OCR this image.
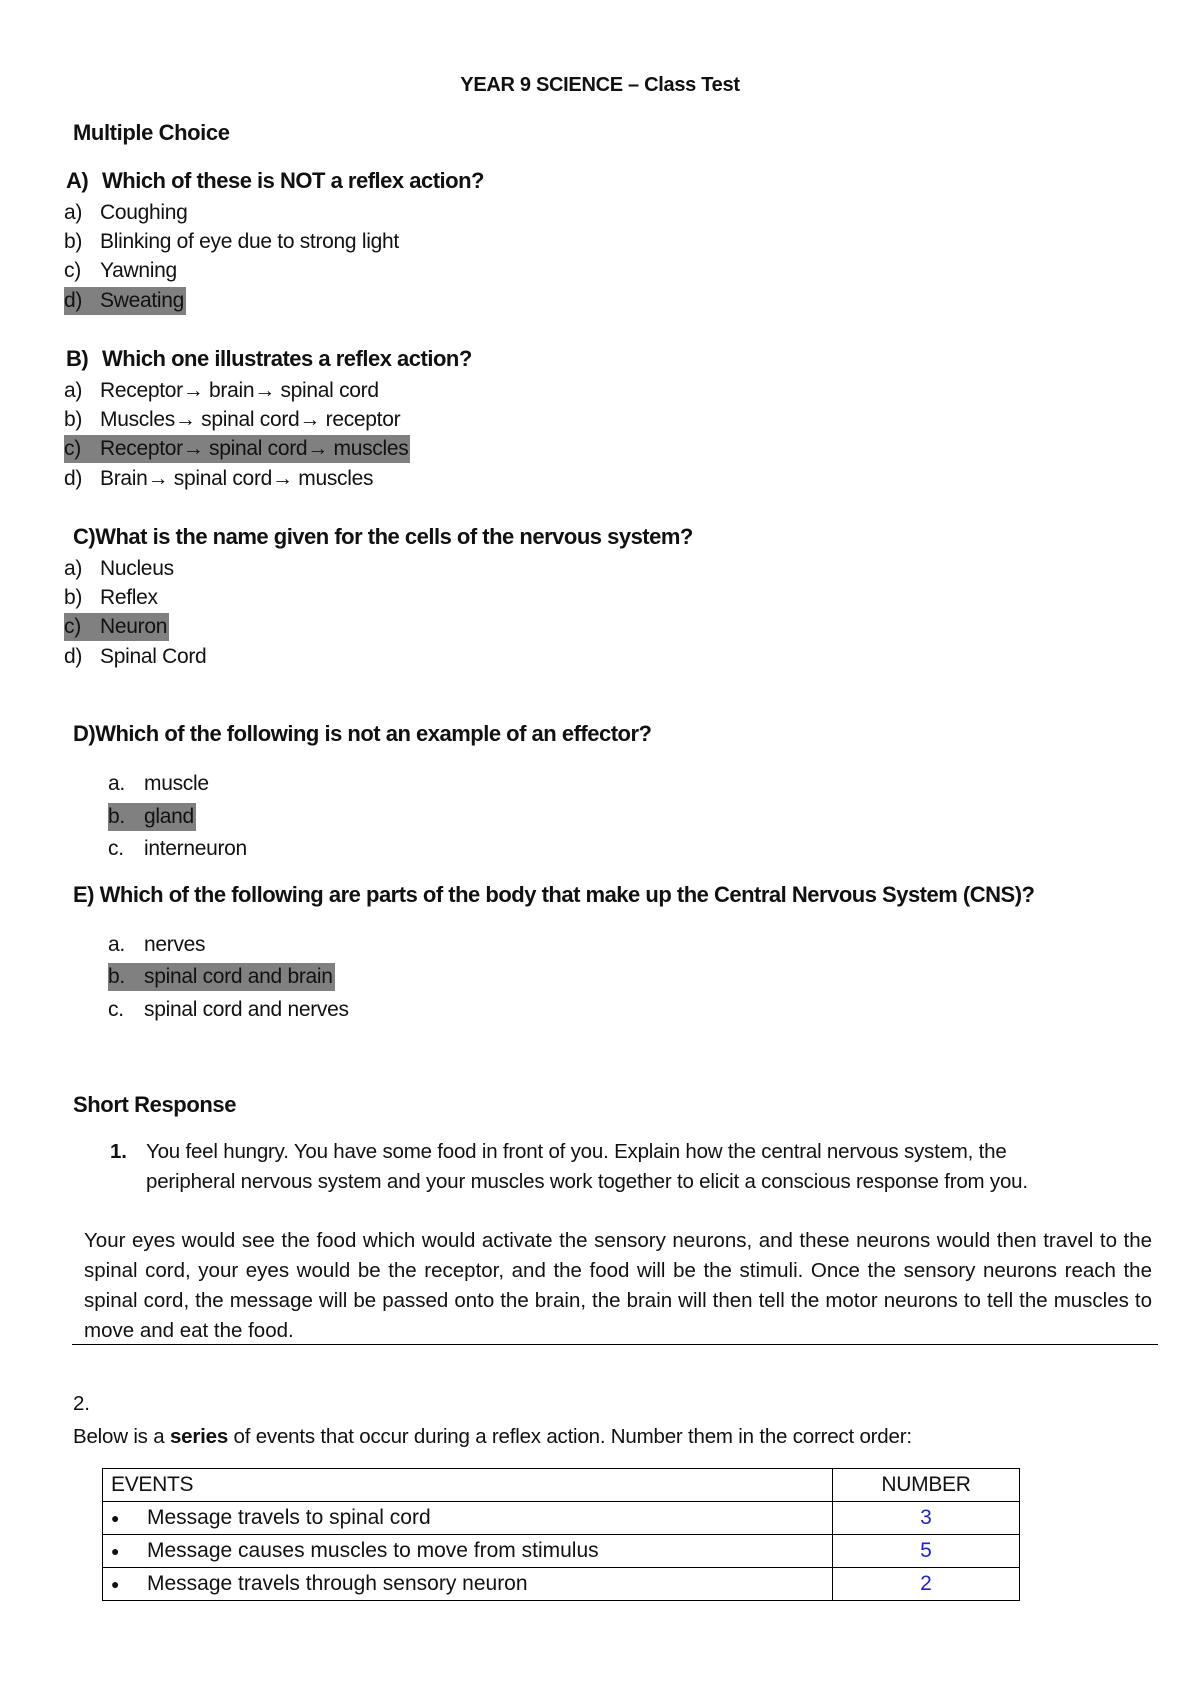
YEAR 9 SCIENCE – Class Test
Multiple Choice
A) Which of these is NOT a reflex action?
a) Coughing
b) Blinking of eye due to strong light
c) Yawning
d) Sweating
B) Which one illustrates a reflex action?
a) Receptor→ brain→ spinal cord
b) Muscles→ spinal cord→ receptor
c) Receptor→ spinal cord→ muscles
d) Brain→ spinal cord→ muscles
C)What is the name given for the cells of the nervous system?
a) Nucleus
b) Reflex
c) Neuron
d) Spinal Cord
D)Which of the following is not an example of an effector?
a. muscle
b. gland
c. interneuron
E) Which of the following are parts of the body that make up the Central Nervous System (CNS)?
a. nerves
b. spinal cord and brain
c. spinal cord and nerves
Short Response
1. You feel hungry. You have some food in front of you. Explain how the central nervous system, the
peripheral nervous system and your muscles work together to elicit a conscious response from you.
Your eyes would see the food which would activate the sensory neurons, and these neurons would then travel to the spinal cord, your eyes would be the receptor, and the food will be the stimuli. Once the sensory neurons reach the spinal cord, the message will be passed onto the brain, the brain will then tell the motor neurons to tell the muscles to move and eat the food.
2.
Below is a series of events that occur during a reflex action. Number them in the correct order:
EVENTS	NUMBER
● Message travels to spinal cord	3
● Message causes muscles to move from stimulus	5
● Message travels through sensory neuron	2
